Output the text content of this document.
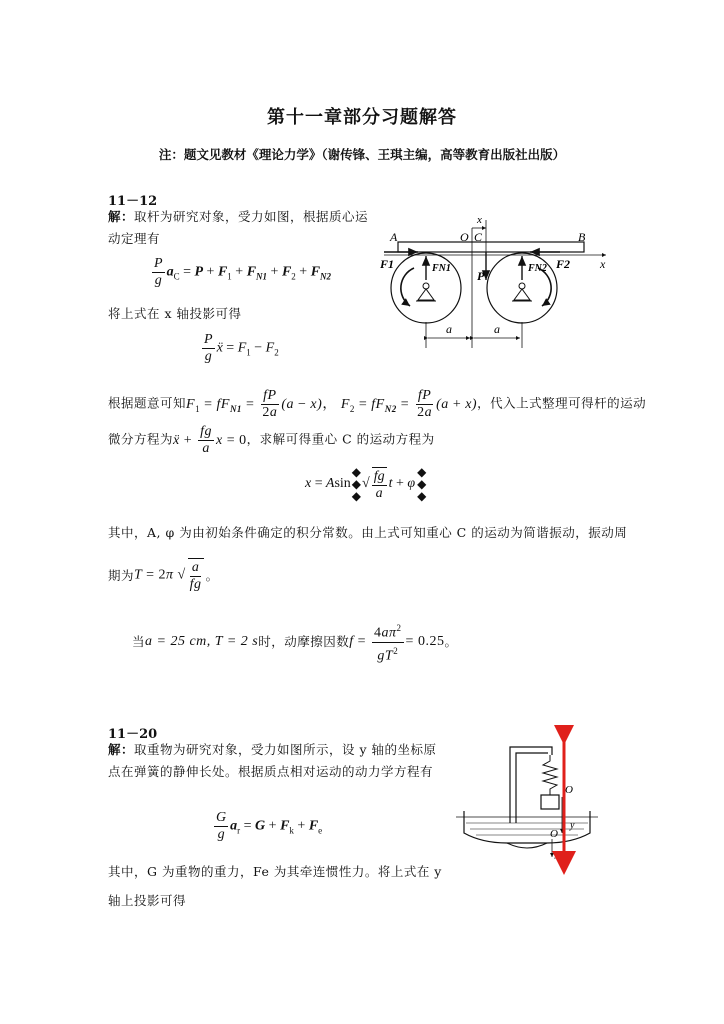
第十一章部分习题解答
注：题文见教材《理论力学》（谢传锋、王琪主编，高等教育出版社出版）
11－12
解：取杆为研究对象，受力如图，根据质心运动定理有
$\frac{P}{g} a_C = P + F_1 + F_{N1} + F_2 + F_{N2}$
将上式在 x 轴投影可得
$\frac{P}{g}$ ẍ = $F_1 - F_2$
根据题意可知$F_1 = fF_{N1} = \frac{fP}{2a} (a - x)$， $F_2 = fF_{N2} = \frac{fP}{2a} (a + x)$，代入上式整理可得杆的运动
微分方程为ẍ + $\frac{fg}{a}$ x = 0，求解可得重心 C 的运动方程为
x = Asin
◆
◆
◆
√ $\frac{fg}{a}$ t + φ
◆
◆
◆
其中，A, φ 为由初始条件确定的积分常数。由上式可知重心 C 的运动为简谐振动，振动周
期为 T = 2π √ $\frac{a}{fg}$ 。
当 a = 25 cm, T = 2 s 时，动摩擦因数 $f = \frac{4a\pi^2}{gT^2} = 0.25$ 。
x
A	B
O C
x
F1	FN1
P
FN2 F2
a	a
11－20
解：取重物为研究对象，受力如图所示，设 y 轴的坐标原点在弹簧的静伸长处。根据质点相对运动的动力学方程有
$\frac{G}{g} a_r = G + F_k + F_e$
其中，G 为重物的重力，Fe 为其牵连惯性力。将上式在 y
轴上投影可得
O
y
O
y
